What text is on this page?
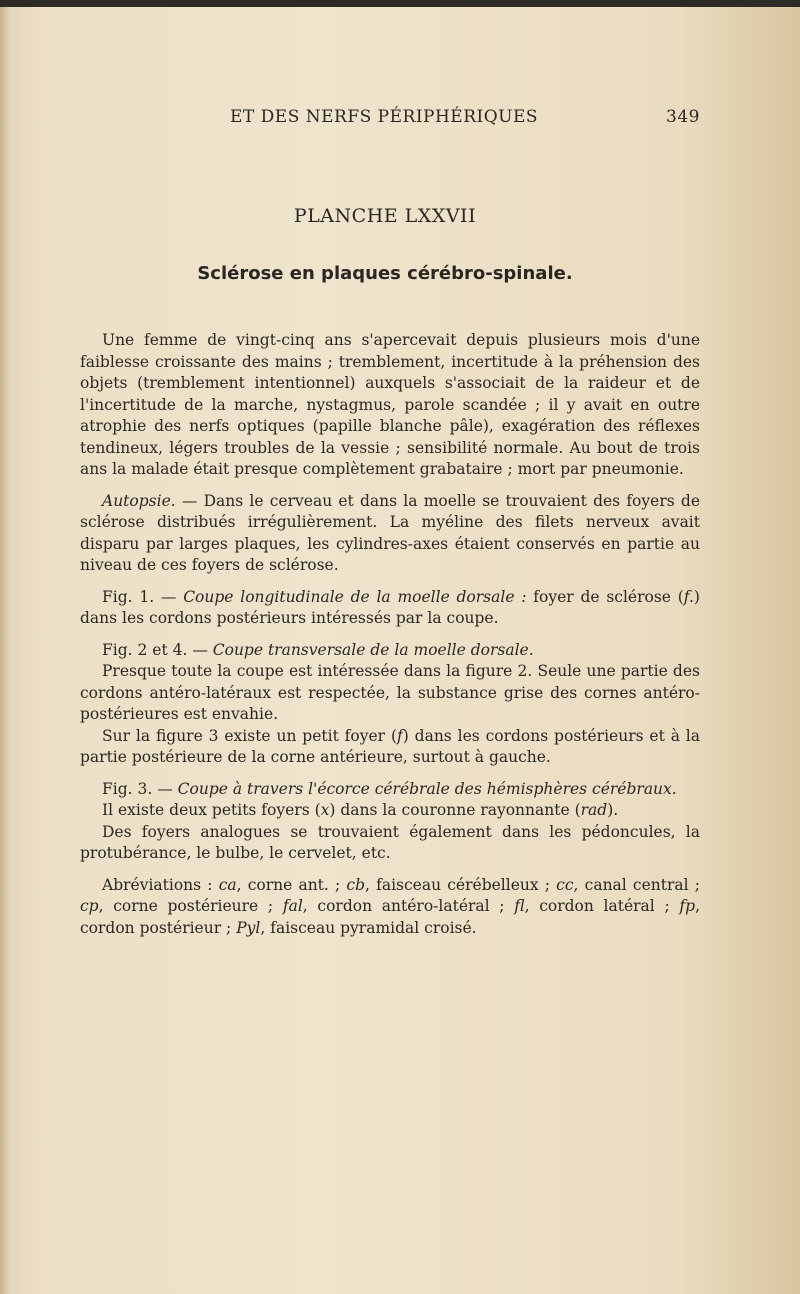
ET DES NERFS PÉRIPHÉRIQUES	349
PLANCHE LXXVII
Sclérose en plaques cérébro-spinale.

Une femme de vingt-cinq ans s'apercevait depuis plusieurs mois d'une faiblesse croissante des mains ; tremblement, incertitude à la préhension des objets (tremblement intentionnel) auxquels s'associait de la raideur et de l'incertitude de la marche, nystagmus, parole scandée ; il y avait en outre atrophie des nerfs optiques (papille blanche pâle), exagération des réflexes tendineux, légers troubles de la vessie ; sensibilité normale. Au bout de trois ans la malade était presque complètement grabataire ; mort par pneumonie.

Autopsie. — Dans le cerveau et dans la moelle se trouvaient des foyers de sclérose distribués irrégulièrement. La myéline des filets nerveux avait disparu par larges plaques, les cylindres-axes étaient conservés en partie au niveau de ces foyers de sclérose.

Fig. 1. — Coupe longitudinale de la moelle dorsale : foyer de sclérose (f.) dans les cordons postérieurs intéressés par la coupe.

Fig. 2 et 4. — Coupe transversale de la moelle dorsale.

Presque toute la coupe est intéressée dans la figure 2. Seule une partie des cordons antéro-latéraux est respectée, la substance grise des cornes antéro-postérieures est envahie.

Sur la figure 3 existe un petit foyer (f) dans les cordons postérieurs et à la partie postérieure de la corne antérieure, surtout à gauche.

Fig. 3. — Coupe à travers l'écorce cérébrale des hémisphères cérébraux.

Il existe deux petits foyers (x) dans la couronne rayonnante (rad).

Des foyers analogues se trouvaient également dans les pédoncules, la protubérance, le bulbe, le cervelet, etc.

Abréviations : ca, corne ant. ; cb, faisceau cérébelleux ; cc, canal central ; cp, corne postérieure ; fal, cordon antéro-latéral ; fl, cordon latéral ; fp, cordon postérieur ; Pyl, faisceau pyramidal croisé.
